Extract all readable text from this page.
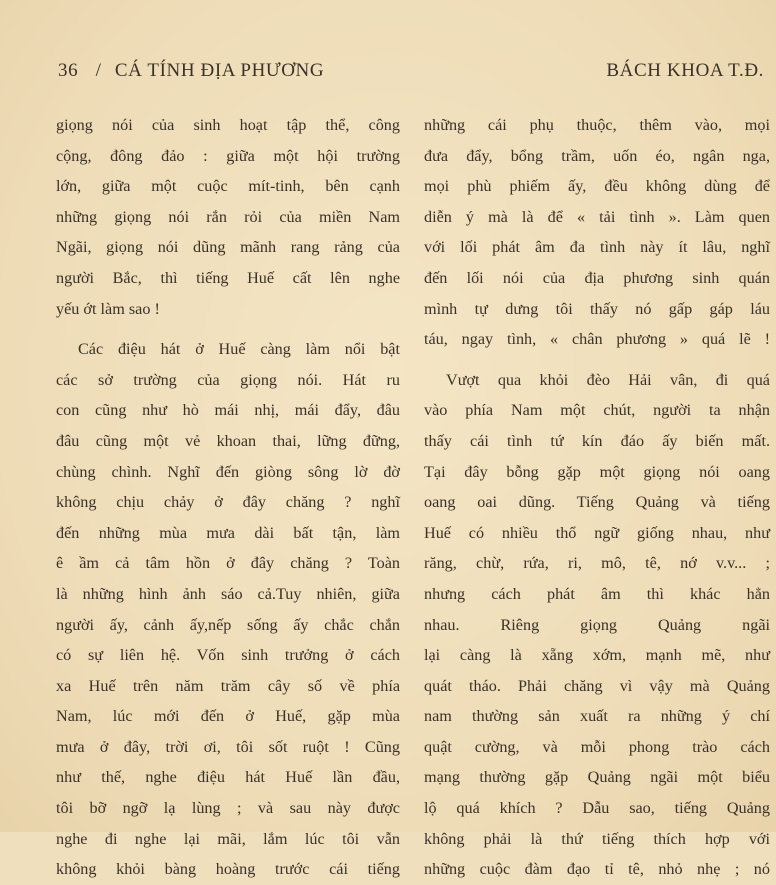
36 / CÁ TÍNH ĐỊA PHƯƠNG	BÁCH KHOA T.Đ.
giọng nói của sinh hoạt tập thể, công
cộng, đông đảo : giữa một hội trường
lớn, giữa một cuộc mít-tinh, bên cạnh
những giọng nói rắn rỏi của miền Nam
Ngãi, giọng nói dũng mãnh rang rảng của
người Bắc, thì tiếng Huế cất lên nghe
yếu ớt làm sao !
Các điệu hát ở Huế càng làm nổi bật
các sở trường của giọng nói. Hát ru
con cũng như hò mái nhị, mái đẩy, đâu
đâu cũng một vẻ khoan thai, lững đững,
chùng chình. Nghĩ đến giòng sông lờ đờ
không chịu chảy ở đây chăng ? nghĩ
đến những mùa mưa dài bất tận, làm
ê ầm cả tâm hồn ở đây chăng ? Toàn
là những hình ảnh sáo cả.Tuy nhiên, giữa
người ấy, cảnh ấy,nếp sống ấy chắc chắn
có sự liên hệ. Vốn sinh trưởng ở cách
xa Huế trên năm trăm cây số về phía
Nam, lúc mới đến ở Huế, gặp mùa
mưa ở đây, trời ơi, tôi sốt ruột ! Cũng
như thế, nghe điệu hát Huế lần đầu,
tôi bỡ ngỡ lạ lùng ; và sau này được
nghe đi nghe lại mãi, lắm lúc tôi vẫn
không khỏi bàng hoàng trước cái tiếng
những cái phụ thuộc, thêm vào, mọi
đưa đẩy, bổng trầm, uốn éo, ngân nga,
mọi phù phiếm ấy, đều không dùng để
diễn ý mà là để « tải tình ». Làm quen
với lối phát âm đa tình này ít lâu, nghĩ
đến lối nói của địa phương sinh quán
mình tự dưng tôi thấy nó gấp gáp láu
táu, ngay tình, « chân phương » quá lẽ !
Vượt qua khỏi đèo Hải vân, đi quá
vào phía Nam một chút, người ta nhận
thấy cái tình tứ kín đáo ấy biến mất.
Tại đây bỗng gặp một giọng nói oang
oang oai dũng. Tiếng Quảng và tiếng
Huế có nhiều thổ ngữ giống nhau, như
răng, chừ, rứa, ri, mô, tê, nớ v.v... ;
nhưng cách phát âm thì khác hẳn
nhau. Riêng giọng Quảng ngãi
lại càng là xẵng xớm, mạnh mẽ, như
quát tháo. Phải chăng vì vậy mà Quảng
nam thường sản xuất ra những ý chí
quật cường, và mỗi phong trào cách
mạng thường gặp Quảng ngãi một biểu
lộ quá khích ? Dẫu sao, tiếng Quảng
không phải là thứ tiếng thích hợp với
những cuộc đàm đạo tỉ tê, nhỏ nhẹ ; nó
